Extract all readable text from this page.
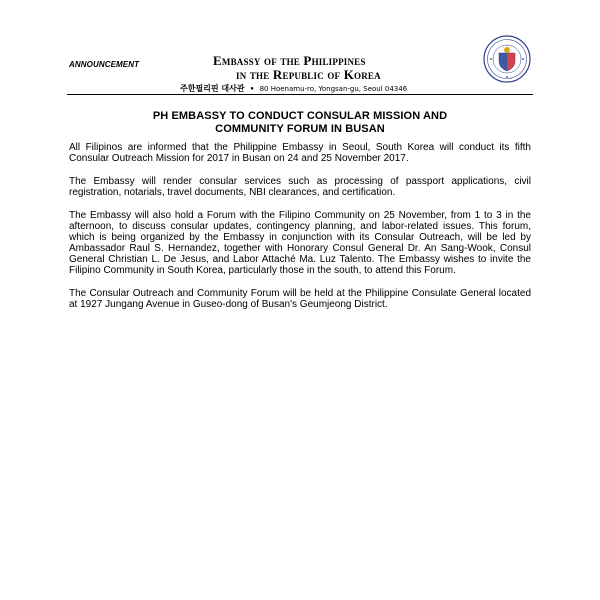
ANNOUNCEMENT	Embassy of the Philippines
in the Republic of Korea
주한필리핀 대사관 • 80 Hoenamu-ro, Yongsan-gu, Seoul 04346
PH EMBASSY TO CONDUCT CONSULAR MISSION AND
COMMUNITY FORUM IN BUSAN

All Filipinos are informed that the Philippine Embassy in Seoul, South Korea will conduct its fifth Consular Outreach Mission for 2017 in Busan on 24 and 25 November 2017.

The Embassy will render consular services such as processing of passport applications, civil registration, notarials, travel documents, NBI clearances, and certification.

The Embassy will also hold a Forum with the Filipino Community on 25 November, from 1 to 3 in the afternoon, to discuss consular updates, contingency planning, and labor-related issues. This forum, which is being organized by the Embassy in conjunction with its Consular Outreach, will be led by Ambassador Raul S. Hernandez, together with Honorary Consul General Dr. An Sang-Wook, Consul General Christian L. De Jesus, and Labor Attaché Ma. Luz Talento. The Embassy wishes to invite the Filipino Community in South Korea, particularly those in the south, to attend this Forum.

The Consular Outreach and Community Forum will be held at the Philippine Consulate General located at 1927 Jungang Avenue in Guseo-dong of Busan's Geumjeong District.
